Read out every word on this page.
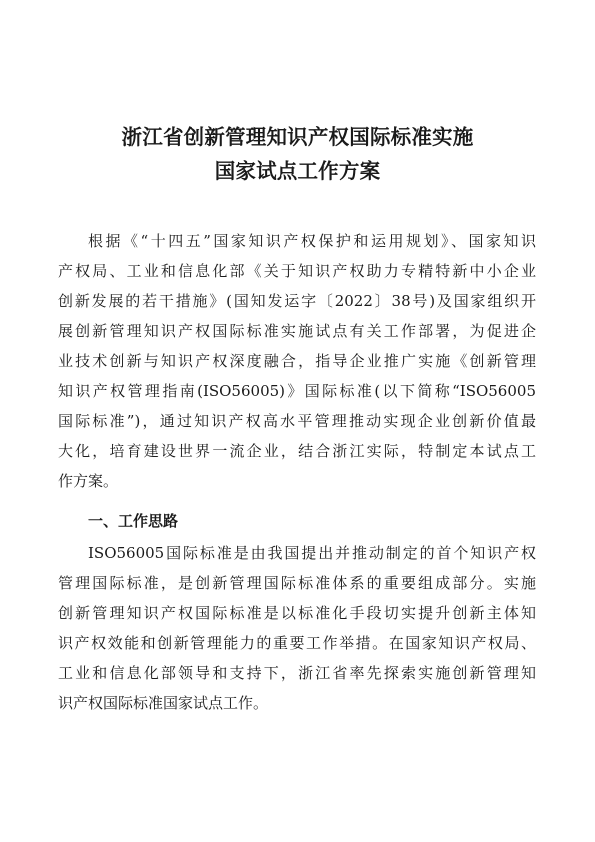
浙江省创新管理知识产权国际标准实施
国家试点工作方案
根据《“十四五”国家知识产权保护和运用规划》、国家知识
产权局、工业和信息化部《关于知识产权助力专精特新中小企业
创新发展的若干措施》(国知发运字〔2022〕38号)及国家组织开
展创新管理知识产权国际标准实施试点有关工作部署，为促进企
业技术创新与知识产权深度融合，指导企业推广实施《创新管理
知识产权管理指南(ISO56005)》国际标准(以下简称“ISO56005
国际标准”)，通过知识产权高水平管理推动实现企业创新价值最
大化，培育建设世界一流企业，结合浙江实际，特制定本试点工
作方案。
一、工作思路
ISO56005国际标准是由我国提出并推动制定的首个知识产权
管理国际标准，是创新管理国际标准体系的重要组成部分。实施
创新管理知识产权国际标准是以标准化手段切实提升创新主体知
识产权效能和创新管理能力的重要工作举措。在国家知识产权局、
工业和信息化部领导和支持下，浙江省率先探索实施创新管理知
识产权国际标准国家试点工作。
